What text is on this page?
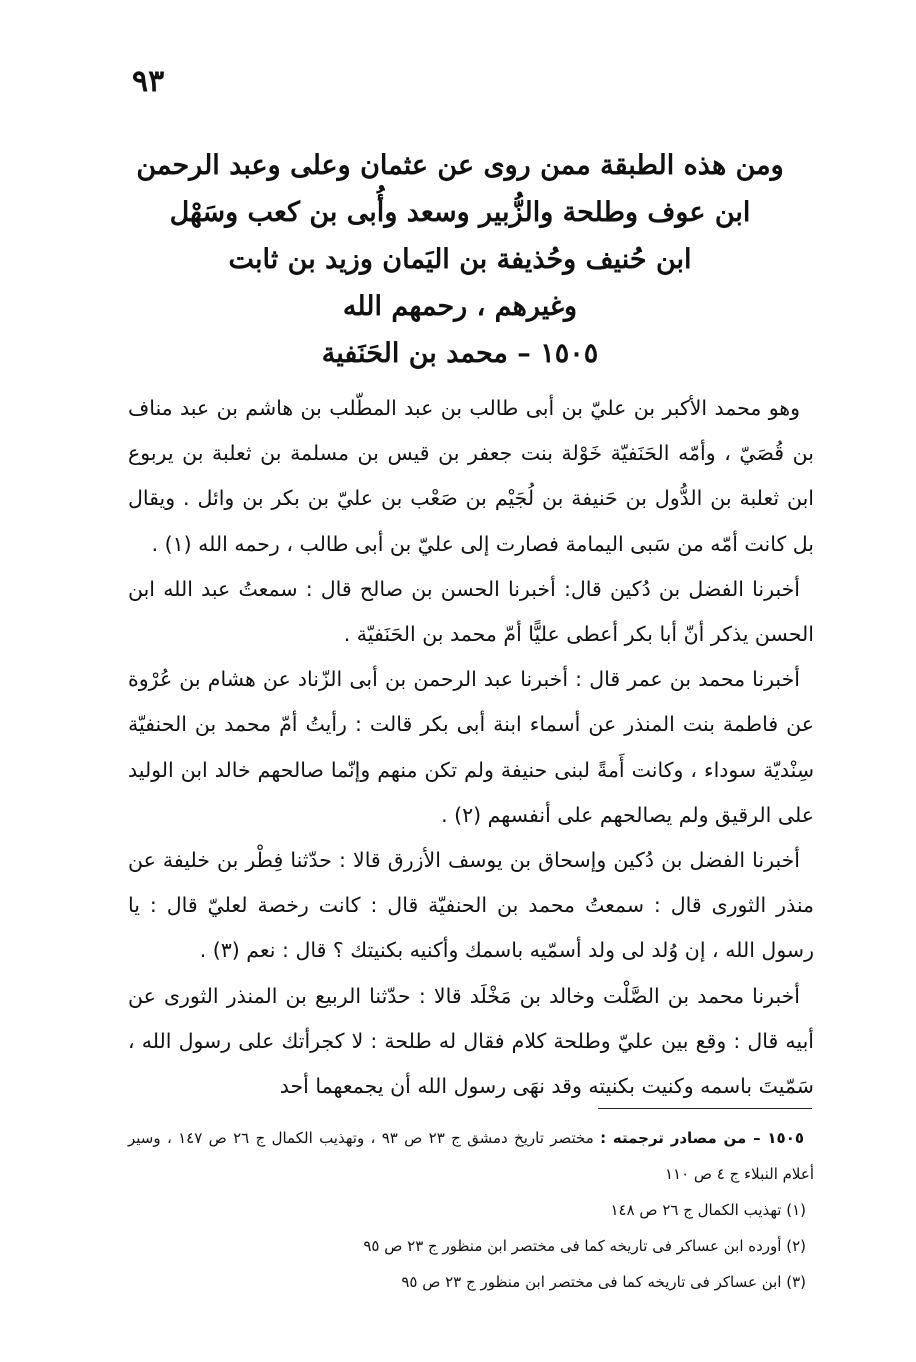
٩٣
ومن هذه الطبقة ممن روى عن عثمان وعلى وعبد الرحمن
ابن عوف وطلحة والزُّبير وسعد وأُبى بن كعب وسَهْل
ابن حُنيف وحُذيفة بن اليَمان وزيد بن ثابت
وغيرهم ، رحمهم الله
١٥٠٥ – محمد بن الحَنَفية

وهو محمد الأكبر بن عليّ بن أبى طالب بن عبد المطّلب بن هاشم بن عبد مناف بن قُصَيّ ، وأمّه الحَنَفيّة خَوْلة بنت جعفر بن قيس بن مسلمة بن ثعلبة بن يربوع ابن ثعلبة بن الدُّول بن حَنيفة بن لُجَيْم بن صَعْب بن عليّ بن بكر بن وائل . ويقال بل كانت أمّه من سَبى اليمامة فصارت إلى عليّ بن أبى طالب ، رحمه الله (١) .

أخبرنا الفضل بن دُكين قال: أخبرنا الحسن بن صالح قال : سمعتُ عبد الله ابن الحسن يذكر أنّ أبا بكر أعطى عليًّا أمّ محمد بن الحَنَفيّة .

أخبرنا محمد بن عمر قال : أخبرنا عبد الرحمن بن أبى الزّناد عن هشام بن عُرْوة عن فاطمة بنت المنذر عن أسماء ابنة أبى بكر قالت : رأيتُ أمّ محمد بن الحنفيّة سِنْديّة سوداء ، وكانت أَمةً لبنى حنيفة ولم تكن منهم وإنّما صالحهم خالد ابن الوليد على الرقيق ولم يصالحهم على أنفسهم (٢) .

أخبرنا الفضل بن دُكين وإسحاق بن يوسف الأزرق قالا : حدّثنا فِطْر بن خليفة عن منذر الثورى قال : سمعتُ محمد بن الحنفيّة قال : كانت رخصة لعليّ قال : يا رسول الله ، إن وُلد لى ولد أسمّيه باسمك وأكنيه بكنيتك ؟ قال : نعم (٣) .

أخبرنا محمد بن الصَّلْت وخالد بن مَخْلَد قالا : حدّثنا الربيع بن المنذر الثورى عن أبيه قال : وقع بين عليّ وطلحة كلام فقال له طلحة : لا كجرأتك على رسول الله ، سَمّيتَ باسمه وكنيت بكنيته وقد نهَى رسول الله أن يجمعهما أحد

١٥٠٥ – من مصادر ترجمته : مختصر تاريخ دمشق ج ٢٣ ص ٩٣ ، وتهذيب الكمال ج ٢٦ ص ١٤٧ ، وسير أعلام النبلاء ج ٤ ص ١١٠

(١) تهذيب الكمال ج ٢٦ ص ١٤٨

(٢) أورده ابن عساكر فى تاريخه كما فى مختصر ابن منظور ج ٢٣ ص ٩٥

(٣) ابن عساكر فى تاريخه كما فى مختصر ابن منظور ج ٢٣ ص ٩٥
